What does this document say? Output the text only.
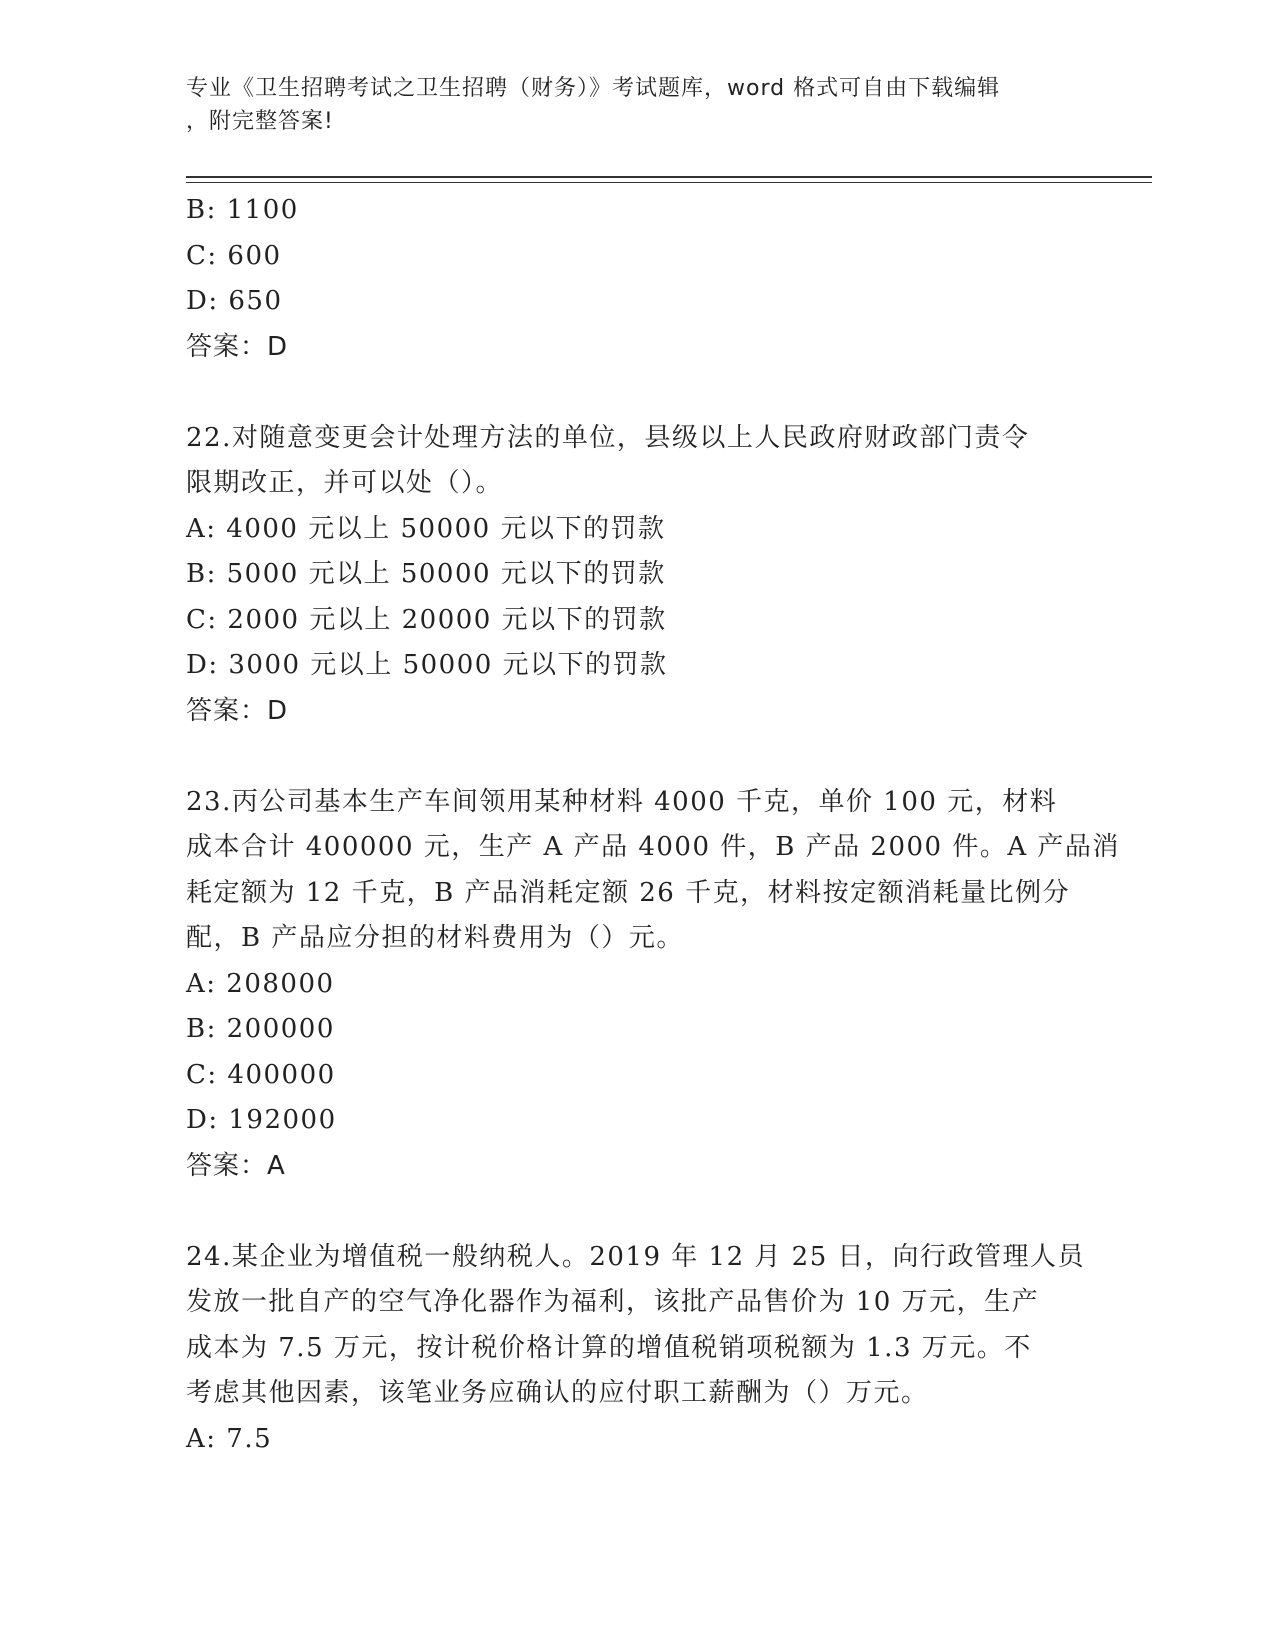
专业《卫生招聘考试之卫生招聘（财务）》考试题库，word 格式可自由下载编辑
，附完整答案!
B: 1100
C: 600
D: 650
答案：D
22.对随意变更会计处理方法的单位，县级以上人民政府财政部门责令
限期改正，并可以处（）。
A: 4000 元以上 50000 元以下的罚款
B: 5000 元以上 50000 元以下的罚款
C: 2000 元以上 20000 元以下的罚款
D: 3000 元以上 50000 元以下的罚款
答案：D
23.丙公司基本生产车间领用某种材料 4000 千克，单价 100 元，材料
成本合计 400000 元，生产 A 产品 4000 件，B 产品 2000 件。A 产品消
耗定额为 12 千克，B 产品消耗定额 26 千克，材料按定额消耗量比例分
配，B 产品应分担的材料费用为（）元。
A: 208000
B: 200000
C: 400000
D: 192000
答案：A
24.某企业为增值税一般纳税人。2019 年 12 月 25 日，向行政管理人员
发放一批自产的空气净化器作为福利，该批产品售价为 10 万元，生产
成本为 7.5 万元，按计税价格计算的增值税销项税额为 1.3 万元。不
考虑其他因素，该笔业务应确认的应付职工薪酬为（）万元。
A: 7.5
